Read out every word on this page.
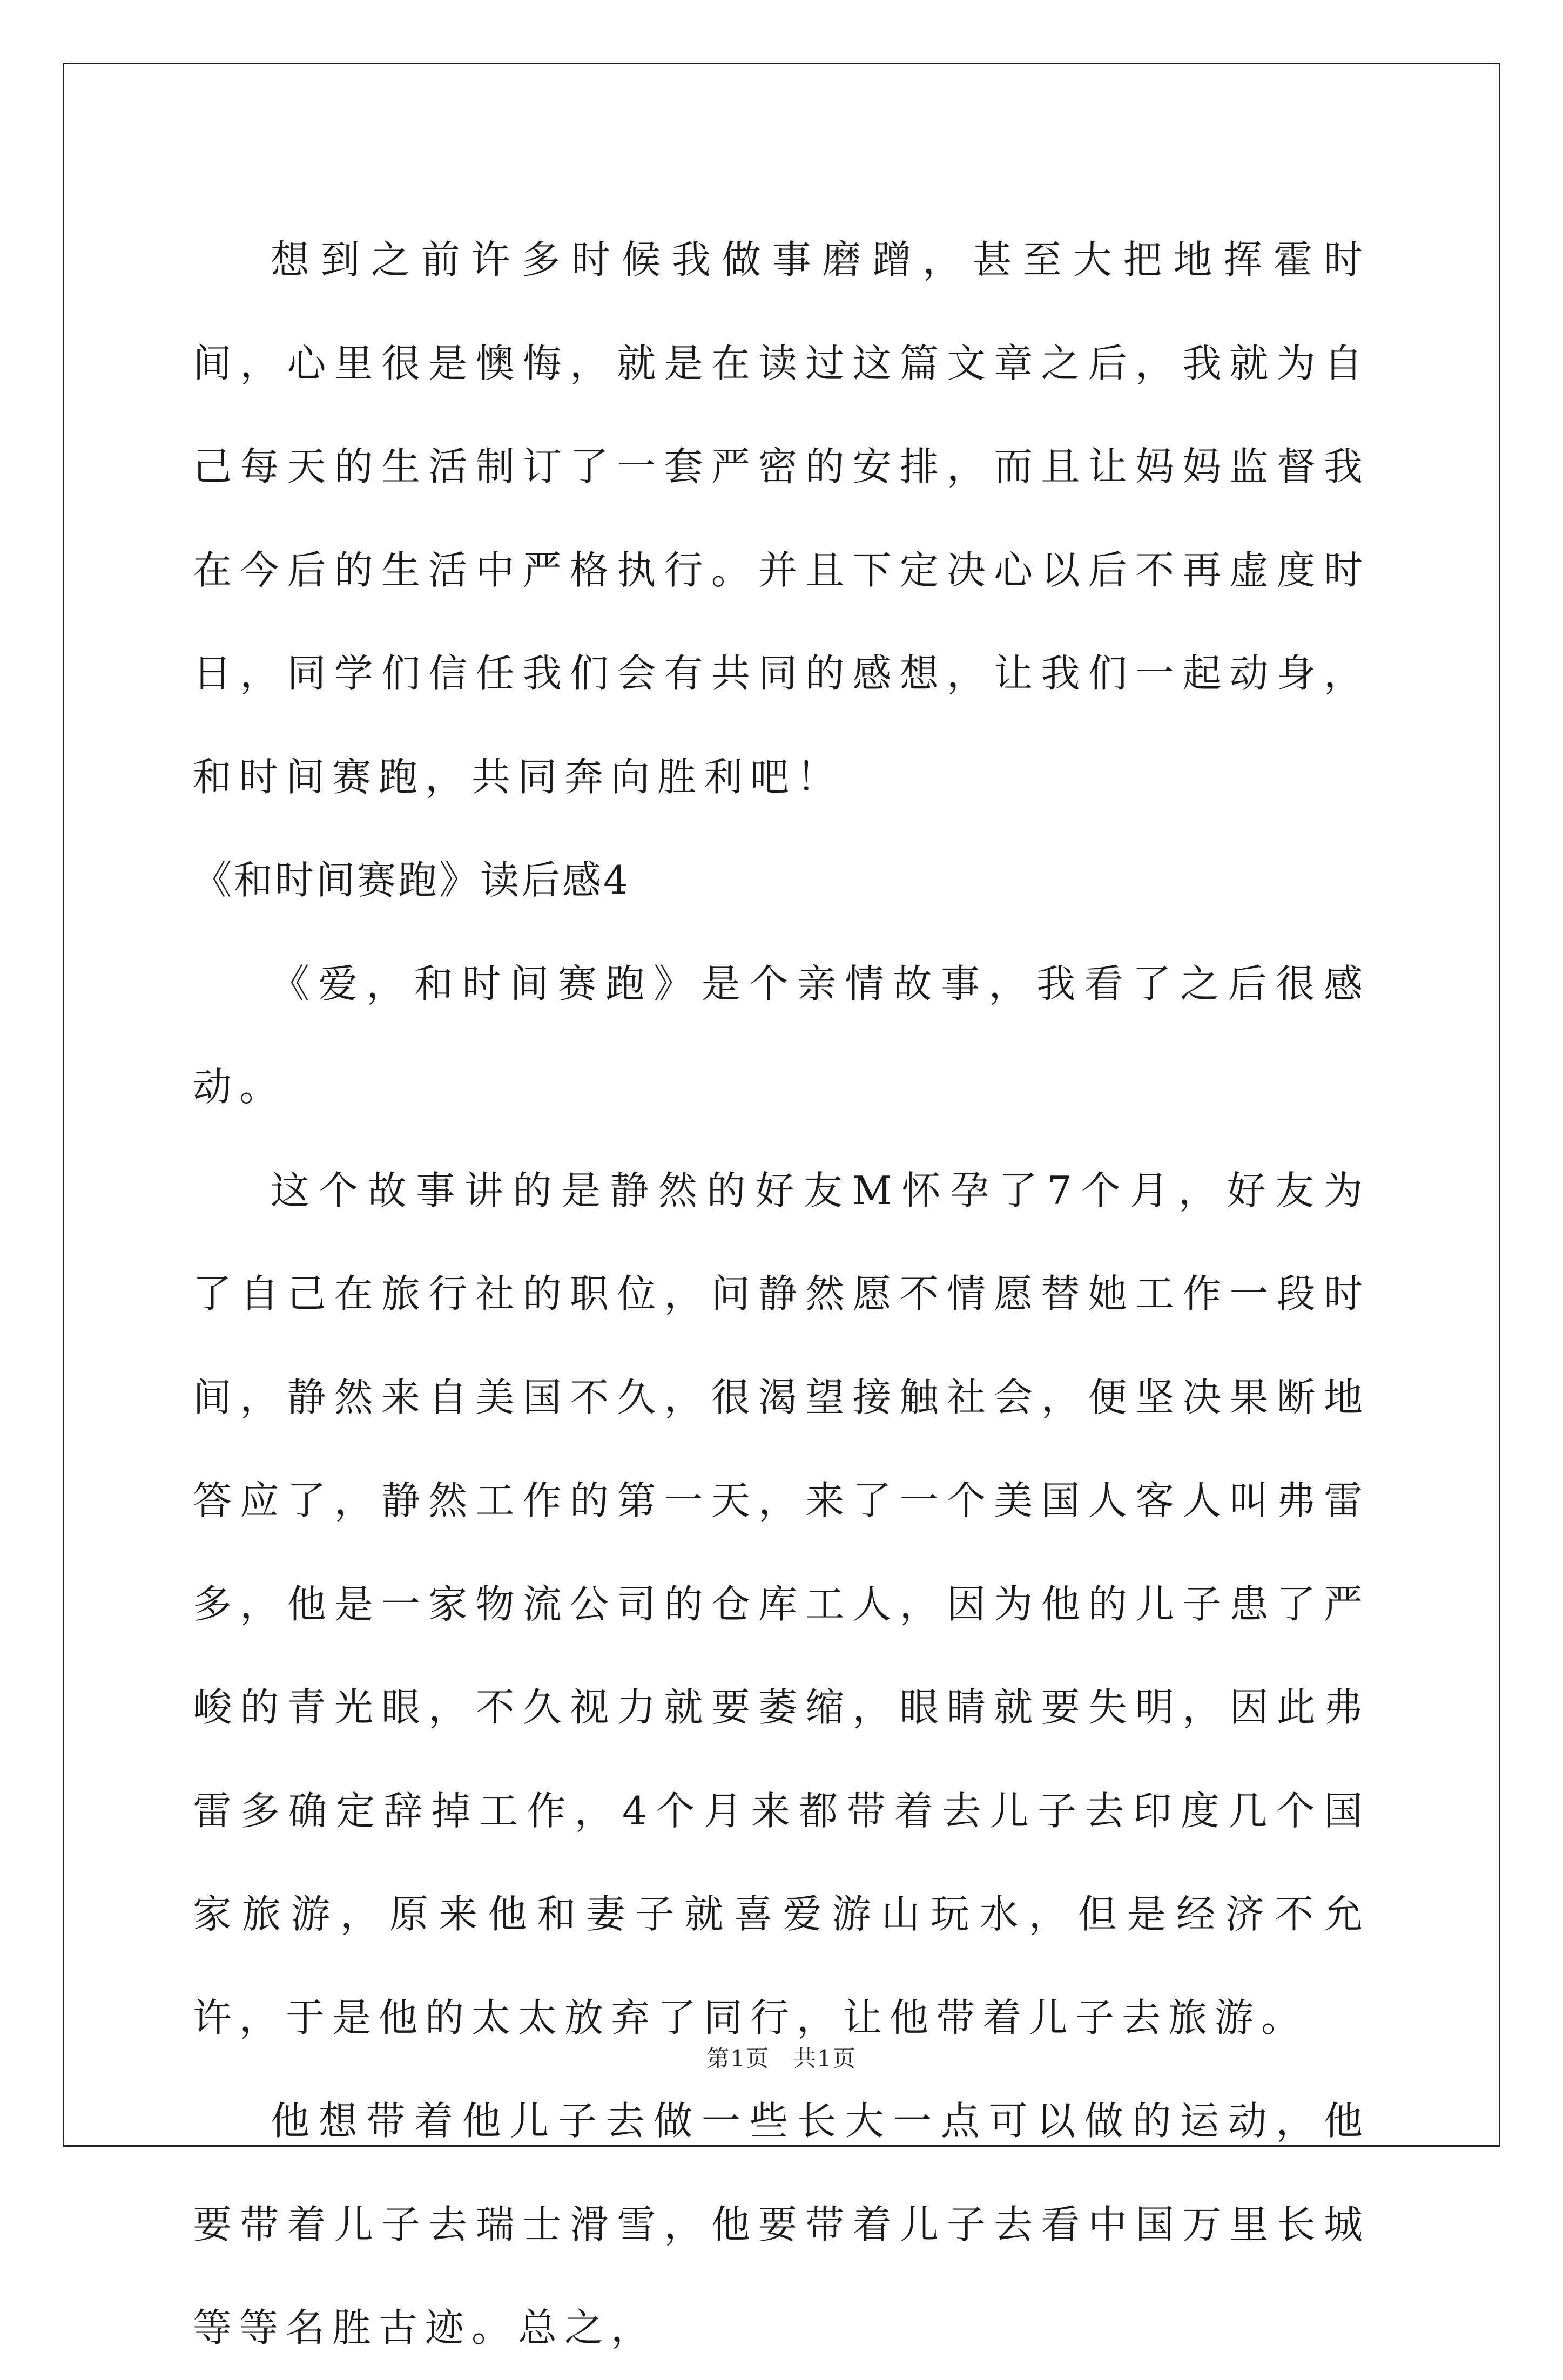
想到之前许多时候我做事磨蹭，甚至大把地挥霍时间，心里很是懊悔，就是在读过这篇文章之后，我就为自己每天的生活制订了一套严密的安排，而且让妈妈监督我在今后的生活中严格执行。并且下定决心以后不再虚度时日，同学们信任我们会有共同的感想，让我们一起动身，和时间赛跑，共同奔向胜利吧！

《和时间赛跑》读后感4

《爱，和时间赛跑》是个亲情故事，我看了之后很感动。

这个故事讲的是静然的好友M怀孕了7个月，好友为了自己在旅行社的职位，问静然愿不情愿替她工作一段时间，静然来自美国不久，很渴望接触社会，便坚决果断地答应了，静然工作的第一天，来了一个美国人客人叫弗雷多，他是一家物流公司的仓库工人，因为他的儿子患了严峻的青光眼，不久视力就要萎缩，眼睛就要失明，因此弗雷多确定辞掉工作，4个月来都带着去儿子去印度几个国家旅游，原来他和妻子就喜爱游山玩水，但是经济不允许，于是他的太太放弃了同行，让他带着儿子去旅游。

他想带着他儿子去做一些长大一点可以做的运动，他要带着儿子去瑞士滑雪，他要带着儿子去看中国万里长城等等名胜古迹。总之，

第1页　共1页
